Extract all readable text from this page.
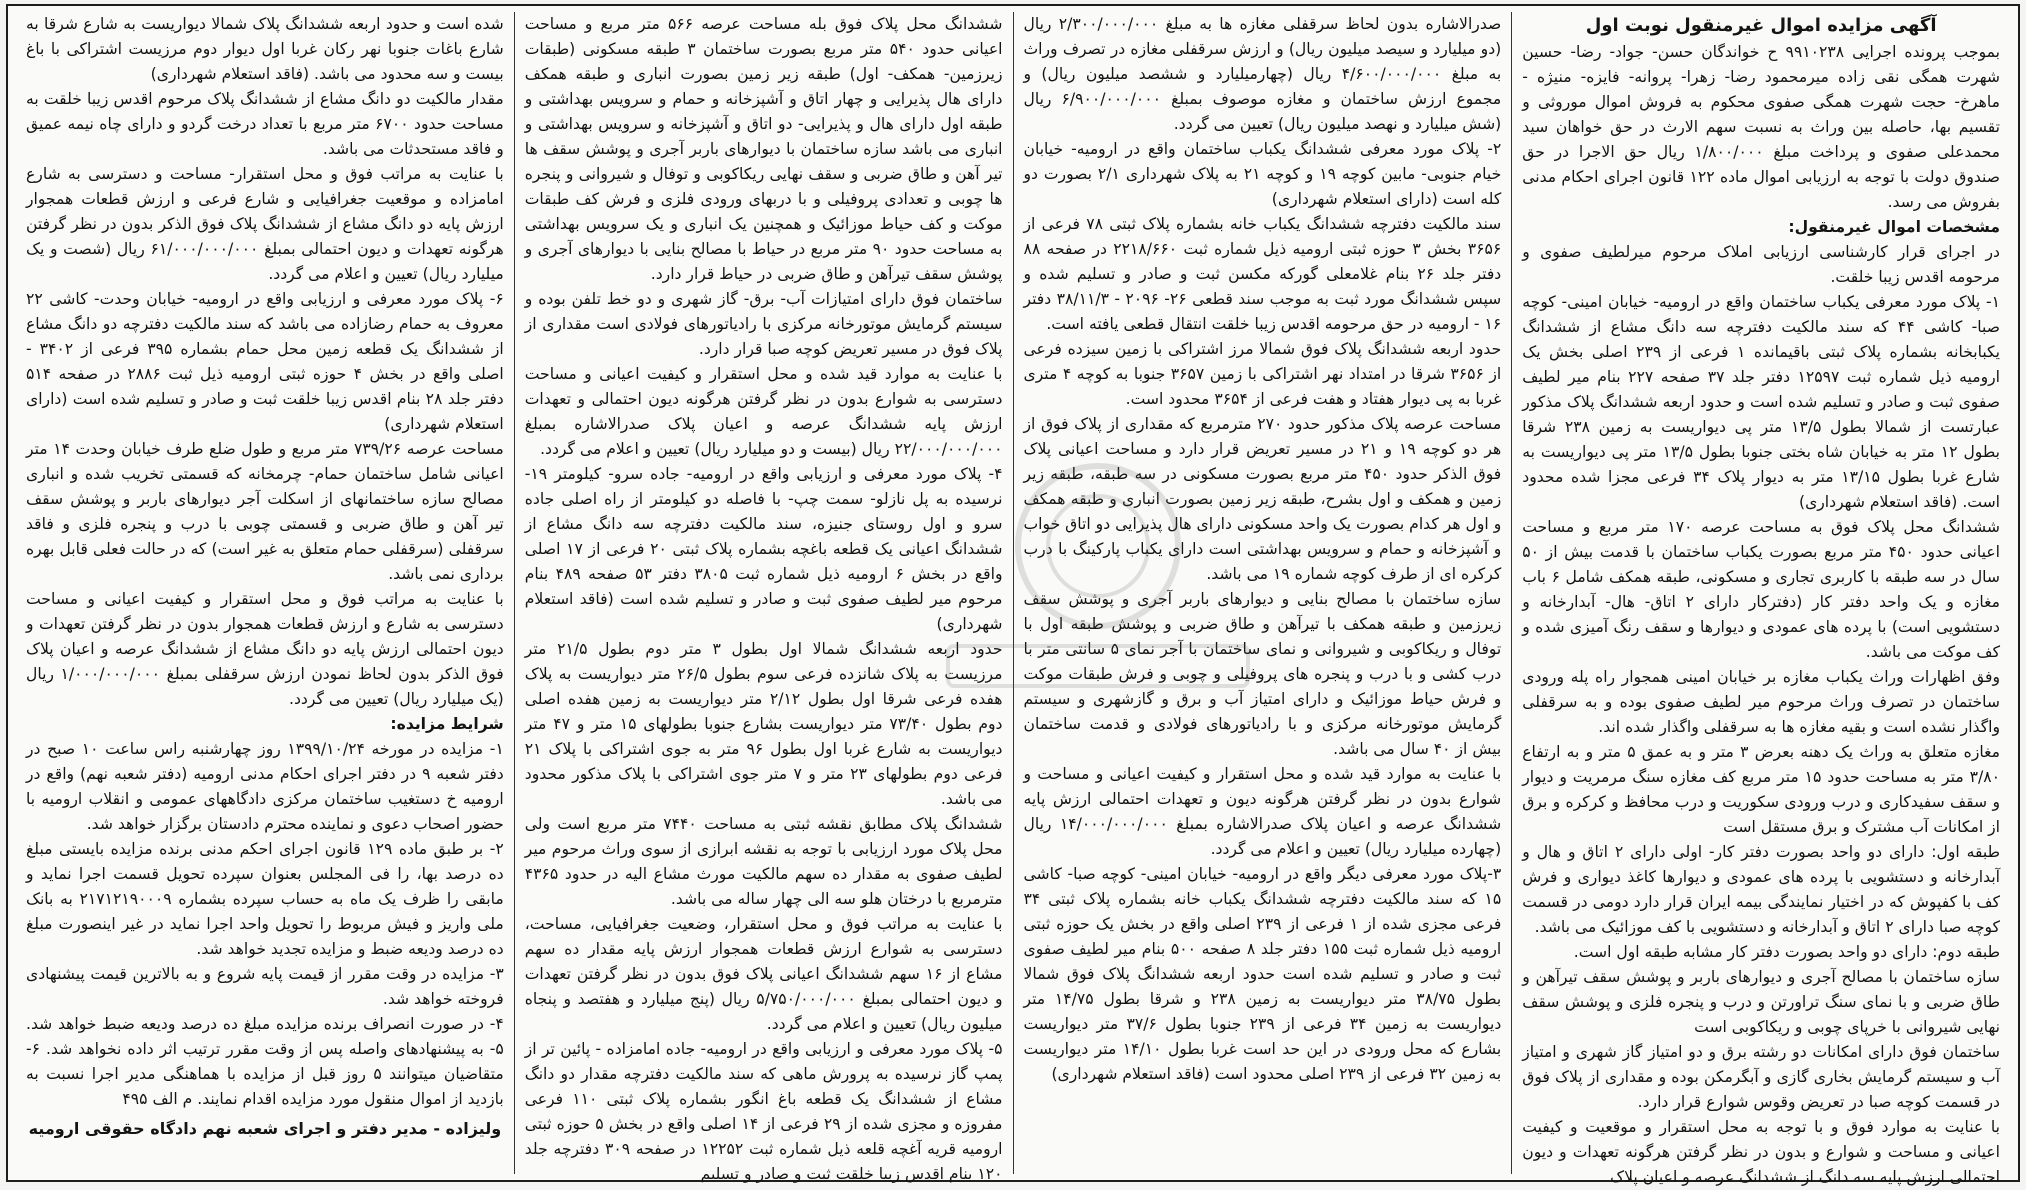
آگهی مزایده اموال غیرمنقول نوبت اول

بموجب پرونده اجرایی ۹۹۱۰۲۳۸ ح خواندگان حسن- جواد- رضا- حسین شهرت همگی نقی زاده میرمحمود رضا- زهرا- پروانه- فایزه- منیژه - ماهرخ- حجت شهرت همگی صفوی محکوم به فروش اموال موروثی و تقسیم بها، حاصله بین وراث به نسبت سهم الارث در حق خواهان سید محمدعلی صفوی و پرداخت مبلغ ۱/۸۰۰/۰۰۰ ریال حق الاجرا در حق صندوق دولت با توجه به ارزیابی اموال ماده ۱۲۲ قانون اجرای احکام مدنی بفروش می رسد.

مشخصات اموال غیرمنقول:

در اجرای قرار کارشناسی ارزیابی املاک مرحوم میرلطیف صفوی و مرحومه اقدس زیبا خلقت.

۱- پلاک مورد معرفی یکباب ساختمان واقع در ارومیه- خیابان امینی- کوچه صبا- کاشی ۴۴ که سند مالکیت دفترچه سه دانگ مشاع از ششدانگ یکبابخانه بشماره پلاک ثبتی باقیمانده ۱ فرعی از ۲۳۹ اصلی بخش یک ارومیه ذیل شماره ثبت ۱۲۵۹۷ دفتر جلد ۳۷ صفحه ۲۲۷ بنام میر لطیف صفوی ثبت و صادر و تسلیم شده است و حدود اربعه ششدانگ پلاک مذکور عبارتست از شمالا بطول ۱۳/۵ متر پی دیواریست به زمین ۲۳۸ شرقا بطول ۱۲ متر به خیابان شاه بختی جنوبا بطول ۱۳/۵ متر پی دیواریست به شارع غربا بطول ۱۳/۱۵ متر به دیوار پلاک ۳۴ فرعی مجزا شده محدود است. (فاقد استعلام شهرداری)

ششدانگ محل پلاک فوق به مساحت عرصه ۱۷۰ متر مربع و مساحت اعیانی حدود ۴۵۰ متر مربع بصورت یکباب ساختمان با قدمت بیش از ۵۰ سال در سه طبقه با کاربری تجاری و مسکونی، طبقه همکف شامل ۶ باب مغازه و یک واحد دفتر کار (دفترکار دارای ۲ اتاق- هال- آبدارخانه و دستشویی است) با پرده های عمودی و دیوارها و سقف رنگ آمیزی شده و کف موکت می باشد.

وفق اظهارات وراث یکباب مغازه بر خیابان امینی همجوار راه پله ورودی ساختمان در تصرف وراث مرحوم میر لطیف صفوی بوده و به سرقفلی واگذار نشده است و بقیه مغازه ها به سرقفلی واگذار شده اند.

مغازه متعلق به وراث یک دهنه بعرض ۳ متر و به عمق ۵ متر و به ارتفاع ۳/۸۰ متر به مساحت حدود ۱۵ متر مربع کف مغازه سنگ مرمریت و دیوار و سقف سفیدکاری و درب ورودی سکوریت و درب محافظ و کرکره و برق از امکانات آب مشترک و برق مستقل است

طبقه اول: دارای دو واحد بصورت دفتر کار- اولی دارای ۲ اتاق و هال و آبدارخانه و دستشویی با پرده های عمودی و دیوارها کاغذ دیواری و فرش کف با کفپوش که در اختیار نمایندگی بیمه ایران قرار دارد دومی در قسمت کوچه صبا دارای ۲ اتاق و آبدارخانه و دستشویی با کف موزائیک می باشد.

طبقه دوم: دارای دو واحد بصورت دفتر کار مشابه طبقه اول است.

سازه ساختمان با مصالح آجری و دیوارهای باربر و پوشش سقف تیرآهن و طاق ضربی و با نمای سنگ تراورتن و درب و پنجره فلزی و پوشش سقف نهایی شیروانی با خرپای چوبی و ریکاکوبی است

ساختمان فوق دارای امکانات دو رشته برق و دو امتیاز گاز شهری و امتیاز آب و سیستم گرمایش بخاری گازی و آبگرمکن بوده و مقداری از پلاک فوق در قسمت کوچه صبا در تعریض وقوس شوارع قرار دارد.

با عنایت به موارد فوق و با توجه به محل استقرار و موقعیت و کیفیت اعیانی و مساحت و شوارع و بدون در نظر گرفتن هرگونه تعهدات و دیون احتمالی ارزش پایه سه دانگ از ششدانگ عرصه و اعیان پلاک

صدرالاشاره بدون لحاظ سرقفلی مغازه ها به مبلغ ۲/۳۰۰/۰۰۰/۰۰۰ ریال (دو میلیارد و سیصد میلیون ریال) و ارزش سرقفلی مغازه در تصرف وراث به مبلغ ۴/۶۰۰/۰۰۰/۰۰۰ ریال (چهارمیلیارد و ششصد میلیون ریال) و مجموع ارزش ساختمان و مغازه موصوف بمبلغ ۶/۹۰۰/۰۰۰/۰۰۰ ریال (شش میلیارد و نهصد میلیون ریال) تعیین می گردد.

۲- پلاک مورد معرفی ششدانگ یکباب ساختمان واقع در ارومیه- خیابان خیام جنوبی- مابین کوچه ۱۹ و کوچه ۲۱ به پلاک شهرداری ۲/۱ بصورت دو کله است (دارای استعلام شهرداری)

سند مالکیت دفترچه ششدانگ یکباب خانه بشماره پلاک ثبتی ۷۸ فرعی از ۳۶۵۶ بخش ۳ حوزه ثبتی ارومیه ذیل شماره ثبت ۲۲۱۸/۶۶۰ در صفحه ۸۸ دفتر جلد ۲۶ بنام غلامعلی گورکه مکسن ثبت و صادر و تسلیم شده و سپس ششدانگ مورد ثبت به موجب سند قطعی ۲۶- ۲۰۹۶ - ۳۸/۱۱/۳ دفتر ۱۶ - ارومیه در حق مرحومه اقدس زیبا خلقت انتقال قطعی یافته است.

حدود اربعه ششدانگ پلاک فوق شمالا مرز اشتراکی با زمین سیزده فرعی از ۳۶۵۶ شرقا در امتداد نهر اشتراکی با زمین ۳۶۵۷ جنوبا به کوچه ۴ متری غربا به پی دیوار هفتاد و هفت فرعی از ۳۶۵۴ محدود است.

مساحت عرصه پلاک مذکور حدود ۲۷۰ مترمربع که مقداری از پلاک فوق از هر دو کوچه ۱۹ و ۲۱ در مسیر تعریض قرار دارد و مساحت اعیانی پلاک فوق الذکر حدود ۴۵۰ متر مربع بصورت مسکونی در سه طبقه، طبقه زیر زمین و همکف و اول بشرح، طبقه زیر زمین بصورت انباری و طبقه همکف و اول هر کدام بصورت یک واحد مسکونی دارای هال پذیرایی دو اتاق خواب و آشپزخانه و حمام و سرویس بهداشتی است دارای یکباب پارکینگ با درب کرکره ای از طرف کوچه شماره ۱۹ می باشد.

سازه ساختمان با مصالح بنایی و دیوارهای باربر آجری و پوشش سقف زیرزمین و طبقه همکف با تیرآهن و طاق ضربی و پوشش طبقه اول با توفال و ریکاکوبی و شیروانی و نمای ساختمان با آجر نمای ۵ سانتی متر با درب کشی و با درب و پنجره های پروفیلی و چوبی و فرش طبقات موکت و فرش حیاط موزائیک و دارای امتیاز آب و برق و گازشهری و سیستم گرمایش موتورخانه مرکزی و با رادیاتورهای فولادی و قدمت ساختمان بیش از ۴۰ سال می باشد.

با عنایت به موارد قید شده و محل استقرار و کیفیت اعیانی و مساحت و شوارع بدون در نظر گرفتن هرگونه دیون و تعهدات احتمالی ارزش پایه ششدانگ عرصه و اعیان پلاک صدرالاشاره بمبلغ ۱۴/۰۰۰/۰۰۰/۰۰۰ ریال (چهارده میلیارد ریال) تعیین و اعلام می گردد.

۳-پلاک مورد معرفی دیگر واقع در ارومیه- خیابان امینی- کوچه صبا- کاشی ۱۵ که سند مالکیت دفترچه ششدانگ یکباب خانه بشماره پلاک ثبتی ۳۴ فرعی مجزی شده از ۱ فرعی از ۲۳۹ اصلی واقع در بخش یک حوزه ثبتی ارومیه ذیل شماره ثبت ۱۵۵ دفتر جلد ۸ صفحه ۵۰۰ بنام میر لطیف صفوی ثبت و صادر و تسلیم شده است حدود اربعه ششدانگ پلاک فوق شمالا بطول ۳۸/۷۵ متر دیواریست به زمین ۲۳۸ و شرقا بطول ۱۴/۷۵ متر دیواریست به زمین ۳۴ فرعی از ۲۳۹ جنوبا بطول ۳۷/۶ متر دیواریست بشارع که محل ورودی در این حد است غربا بطول ۱۴/۱۰ متر دیواریست به زمین ۳۲ فرعی از ۲۳۹ اصلی محدود است (فاقد استعلام شهرداری)

ششدانگ محل پلاک فوق بله مساحت عرصه ۵۶۶ متر مربع و مساحت اعیانی حدود ۵۴۰ متر مربع بصورت ساختمان ۳ طبقه مسکونی (طبقات زیرزمین- همکف- اول) طبقه زیر زمین بصورت انباری و طبقه همکف دارای هال پذیرایی و چهار اتاق و آشپزخانه و حمام و سرویس بهداشتی و طبقه اول دارای هال و پذیرایی- دو اتاق و آشپزخانه و سرویس بهداشتی و انباری می باشد سازه ساختمان با دیوارهای باربر آجری و پوشش سقف ها تیر آهن و طاق ضربی و سقف نهایی ریکاکوبی و توفال و شیروانی و پنجره ها چوبی و تعدادی پروفیلی و با دربهای ورودی فلزی و فرش کف طبقات موکت و کف حیاط موزائیک و همچنین یک انباری و یک سرویس بهداشتی به مساحت حدود ۹۰ متر مربع در حیاط با مصالح بنایی با دیوارهای آجری و پوشش سقف تیرآهن و طاق ضربی در حیاط قرار دارد.

ساختمان فوق دارای امتیازات آب- برق- گاز شهری و دو خط تلفن بوده و سیستم گرمایش موتورخانه مرکزی با رادیاتورهای فولادی است مقداری از پلاک فوق در مسیر تعریض کوچه صبا قرار دارد.

با عنایت به موارد قید شده و محل استقرار و کیفیت اعیانی و مساحت دسترسی به شوارع بدون در نظر گرفتن هرگونه دیون احتمالی و تعهدات ارزش پایه ششدانگ عرصه و اعیان پلاک صدرالاشاره بمبلغ ۲۲/۰۰۰/۰۰۰/۰۰۰ ریال (بیست و دو میلیارد ریال) تعیین و اعلام می گردد.

۴- پلاک مورد معرفی و ارزیابی واقع در ارومیه- جاده سرو- کیلومتر ۱۹- نرسیده به پل نازلو- سمت چپ- با فاصله دو کیلومتر از راه اصلی جاده سرو و اول روستای جنیزه، سند مالکیت دفترچه سه دانگ مشاع از ششدانگ اعیانی یک قطعه باغچه بشماره پلاک ثبتی ۲۰ فرعی از ۱۷ اصلی واقع در بخش ۶ ارومیه ذیل شماره ثبت ۳۸۰۵ دفتر ۵۳ صفحه ۴۸۹ بنام مرحوم میر لطیف صفوی ثبت و صادر و تسلیم شده است (فاقد استعلام شهرداری)

حدود اربعه ششدانگ شمالا اول بطول ۳ متر دوم بطول ۲۱/۵ متر مرزیست به پلاک شانزده فرعی سوم بطول ۲۶/۵ متر دیواریست به پلاک هفده فرعی شرقا اول بطول ۲/۱۲ متر دیواریست به زمین هفده اصلی دوم بطول ۷۳/۴۰ متر دیواریست بشارع جنوبا بطولهای ۱۵ متر و ۴۷ متر دیواریست به شارع غربا اول بطول ۹۶ متر به جوی اشتراکی با پلاک ۲۱ فرعی دوم بطولهای ۲۳ متر و ۷ متر جوی اشتراکی با پلاک مذکور محدود می باشد.

ششدانگ پلاک مطابق نقشه ثبتی به مساحت ۷۴۴۰ متر مربع است ولی محل پلاک مورد ارزیابی با توجه به نقشه ابرازی از سوی وراث مرحوم میر لطیف صفوی به مقدار ده سهم مالکیت مورث مشاع الیه در حدود ۴۳۶۵ مترمربع با درختان هلو سه الی چهار ساله می باشد.

با عنایت به مراتب فوق و محل استقرار، وضعیت جغرافیایی، مساحت، دسترسی به شوارع ارزش قطعات همجوار ارزش پایه مقدار ده سهم مشاع از ۱۶ سهم ششدانگ اعیانی پلاک فوق بدون در نظر گرفتن تعهدات و دیون احتمالی بمبلغ ۵/۷۵۰/۰۰۰/۰۰۰ ریال (پنج میلیارد و هفتصد و پنجاه میلیون ریال) تعیین و اعلام می گردد.

۵- پلاک مورد معرفی و ارزیابی واقع در ارومیه- جاده امامزاده - پائین تر از پمپ گاز نرسیده به پرورش ماهی که سند مالکیت دفترچه مقدار دو دانگ مشاع از ششدانگ یک قطعه باغ انگور بشماره پلاک ثبتی ۱۱۰ فرعی مفروزه و مجزی شده از ۲۹ فرعی از ۱۴ اصلی واقع در بخش ۵ حوزه ثبتی ارومیه قریه آغچه قلعه ذیل شماره ثبت ۱۲۲۵۲ در صفحه ۳۰۹ دفترچه جلد ۱۲۰ بنام اقدس زیبا خلقت ثبت و صادر و تسلیم

شده است و حدود اربعه ششدانگ پلاک شمالا دیواریست به شارع شرقا به شارع باغات جنوبا نهر رکان غربا اول دیوار دوم مرزیست اشتراکی با باغ بیست و سه محدود می باشد. (فاقد استعلام شهرداری)

مقدار مالکیت دو دانگ مشاع از ششدانگ پلاک مرحوم اقدس زیبا خلقت به مساحت حدود ۶۷۰۰ متر مربع با تعداد درخت گردو و دارای چاه نیمه عمیق و فاقد مستحدثات می باشد.

با عنایت به مراتب فوق و محل استقرار- مساحت و دسترسی به شارع امامزاده و موقعیت جغرافیایی و شارع فرعی و ارزش قطعات همجوار ارزش پایه دو دانگ مشاع از ششدانگ پلاک فوق الذکر بدون در نظر گرفتن هرگونه تعهدات و دیون احتمالی بمبلغ ۶۱/۰۰۰/۰۰۰/۰۰۰ ریال (شصت و یک میلیارد ریال) تعیین و اعلام می گردد.

۶- پلاک مورد معرفی و ارزیابی واقع در ارومیه- خیابان وحدت- کاشی ۲۲ معروف به حمام رضازاده می باشد که سند مالکیت دفترچه دو دانگ مشاع از ششدانگ یک قطعه زمین محل حمام بشماره ۳۹۵ فرعی از ۳۴۰۲ - اصلی واقع در بخش ۴ حوزه ثبتی ارومیه ذیل ثبت ۲۸۸۶ در صفحه ۵۱۴ دفتر جلد ۲۸ بنام اقدس زیبا خلقت ثبت و صادر و تسلیم شده است (دارای استعلام شهرداری)

مساحت عرصه ۷۳۹/۲۶ متر مربع و طول ضلع طرف خیابان وحدت ۱۴ متر اعیانی شامل ساختمان حمام- چرمخانه که قسمتی تخریب شده و انباری مصالح سازه ساختمانهای از اسکلت آجر دیوارهای باربر و پوشش سقف تیر آهن و طاق ضربی و قسمتی چوبی با درب و پنجره فلزی و فاقد سرقفلی (سرقفلی حمام متعلق به غیر است) که در حالت فعلی قابل بهره برداری نمی باشد.

با عنایت به مراتب فوق و محل استقرار و کیفیت اعیانی و مساحت دسترسی به شارع و ارزش قطعات همجوار بدون در نظر گرفتن تعهدات و دیون احتمالی ارزش پایه دو دانگ مشاع از ششدانگ عرصه و اعیان پلاک فوق الذکر بدون لحاظ نمودن ارزش سرقفلی بمبلغ ۱/۰۰۰/۰۰۰/۰۰۰ ریال (یک میلیارد ریال) تعیین می گردد.

شرایط مزایده:

۱- مزایده در مورخه ۱۳۹۹/۱۰/۲۴ روز چهارشنبه راس ساعت ۱۰ صبح در دفتر شعبه ۹ در دفتر اجرای احکام مدنی ارومیه (دفتر شعبه نهم) واقع در ارومیه خ دستغیب ساختمان مرکزی دادگاههای عمومی و انقلاب ارومیه با حضور اصحاب دعوی و نماینده محترم دادستان برگزار خواهد شد.

۲- بر طبق ماده ۱۲۹ قانون اجرای احکم مدنی برنده مزایده بایستی مبلغ ده درصد بها، را فی المجلس بعنوان سپرده تحویل قسمت اجرا نماید و مابقی را ظرف یک ماه به حساب سپرده بشماره ۲۱۷۱۲۱۹۰۰۰۹ به بانک ملی واریز و فیش مربوط را تحویل واحد اجرا نماید در غیر اینصورت مبلغ ده درصد ودیعه ضبط و مزایده تجدید خواهد شد.

۳- مزایده در وقت مقرر از قیمت پایه شروع و به بالاترین قیمت پیشنهادی فروخته خواهد شد.

۴- در صورت انصراف برنده مزایده مبلغ ده درصد ودیعه ضبط خواهد شد. ۵- به پیشنهادهای واصله پس از وقت مقرر ترتیب اثر داده نخواهد شد. ۶- متقاضیان میتوانند ۵ روز قبل از مزایده با هماهنگی مدیر اجرا نسبت به بازدید از اموال منقول مورد مزایده اقدام نمایند. م الف ۴۹۵

ولیزاده - مدیر دفتر و اجرای شعبه نهم دادگاه حقوقی ارومیه
